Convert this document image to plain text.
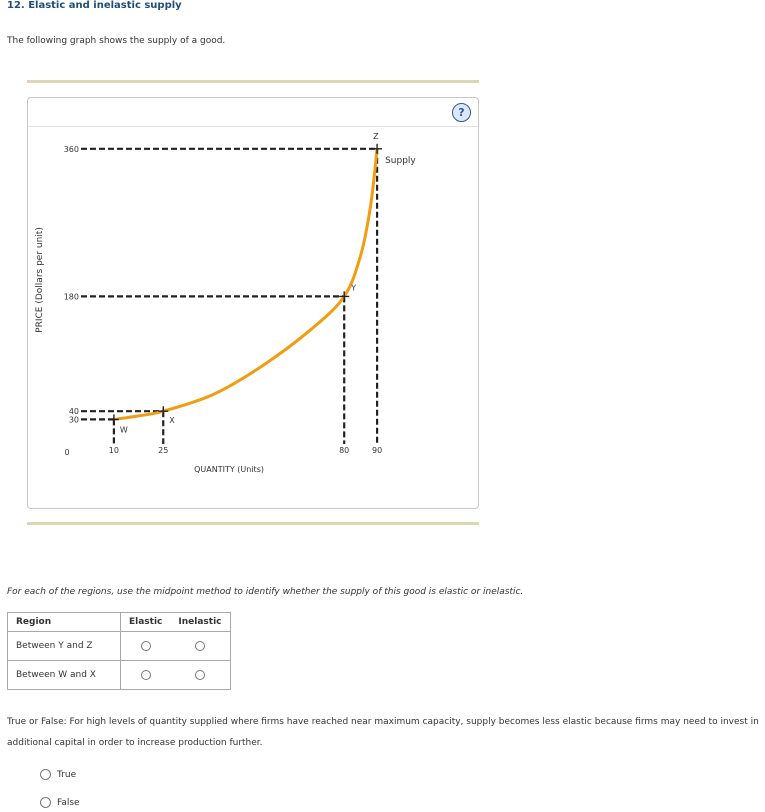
12. Elastic and inelastic supply
The following graph shows the supply of a good.
?
PRICE (Dollars per unit)
QUANTITY (Units)
0
360
180
40
30
10	25	80	90
Supply
W
X
Y
Z
For each of the regions, use the midpoint method to identify whether the supply of this good is elastic or inelastic.
Region	Elastic	Inelastic
Between Y and Z		
Between W and X		
True or False: For high levels of quantity supplied where firms have reached near maximum capacity, supply becomes less elastic because firms may need to invest in additional capital in order to increase production further.
True
False
